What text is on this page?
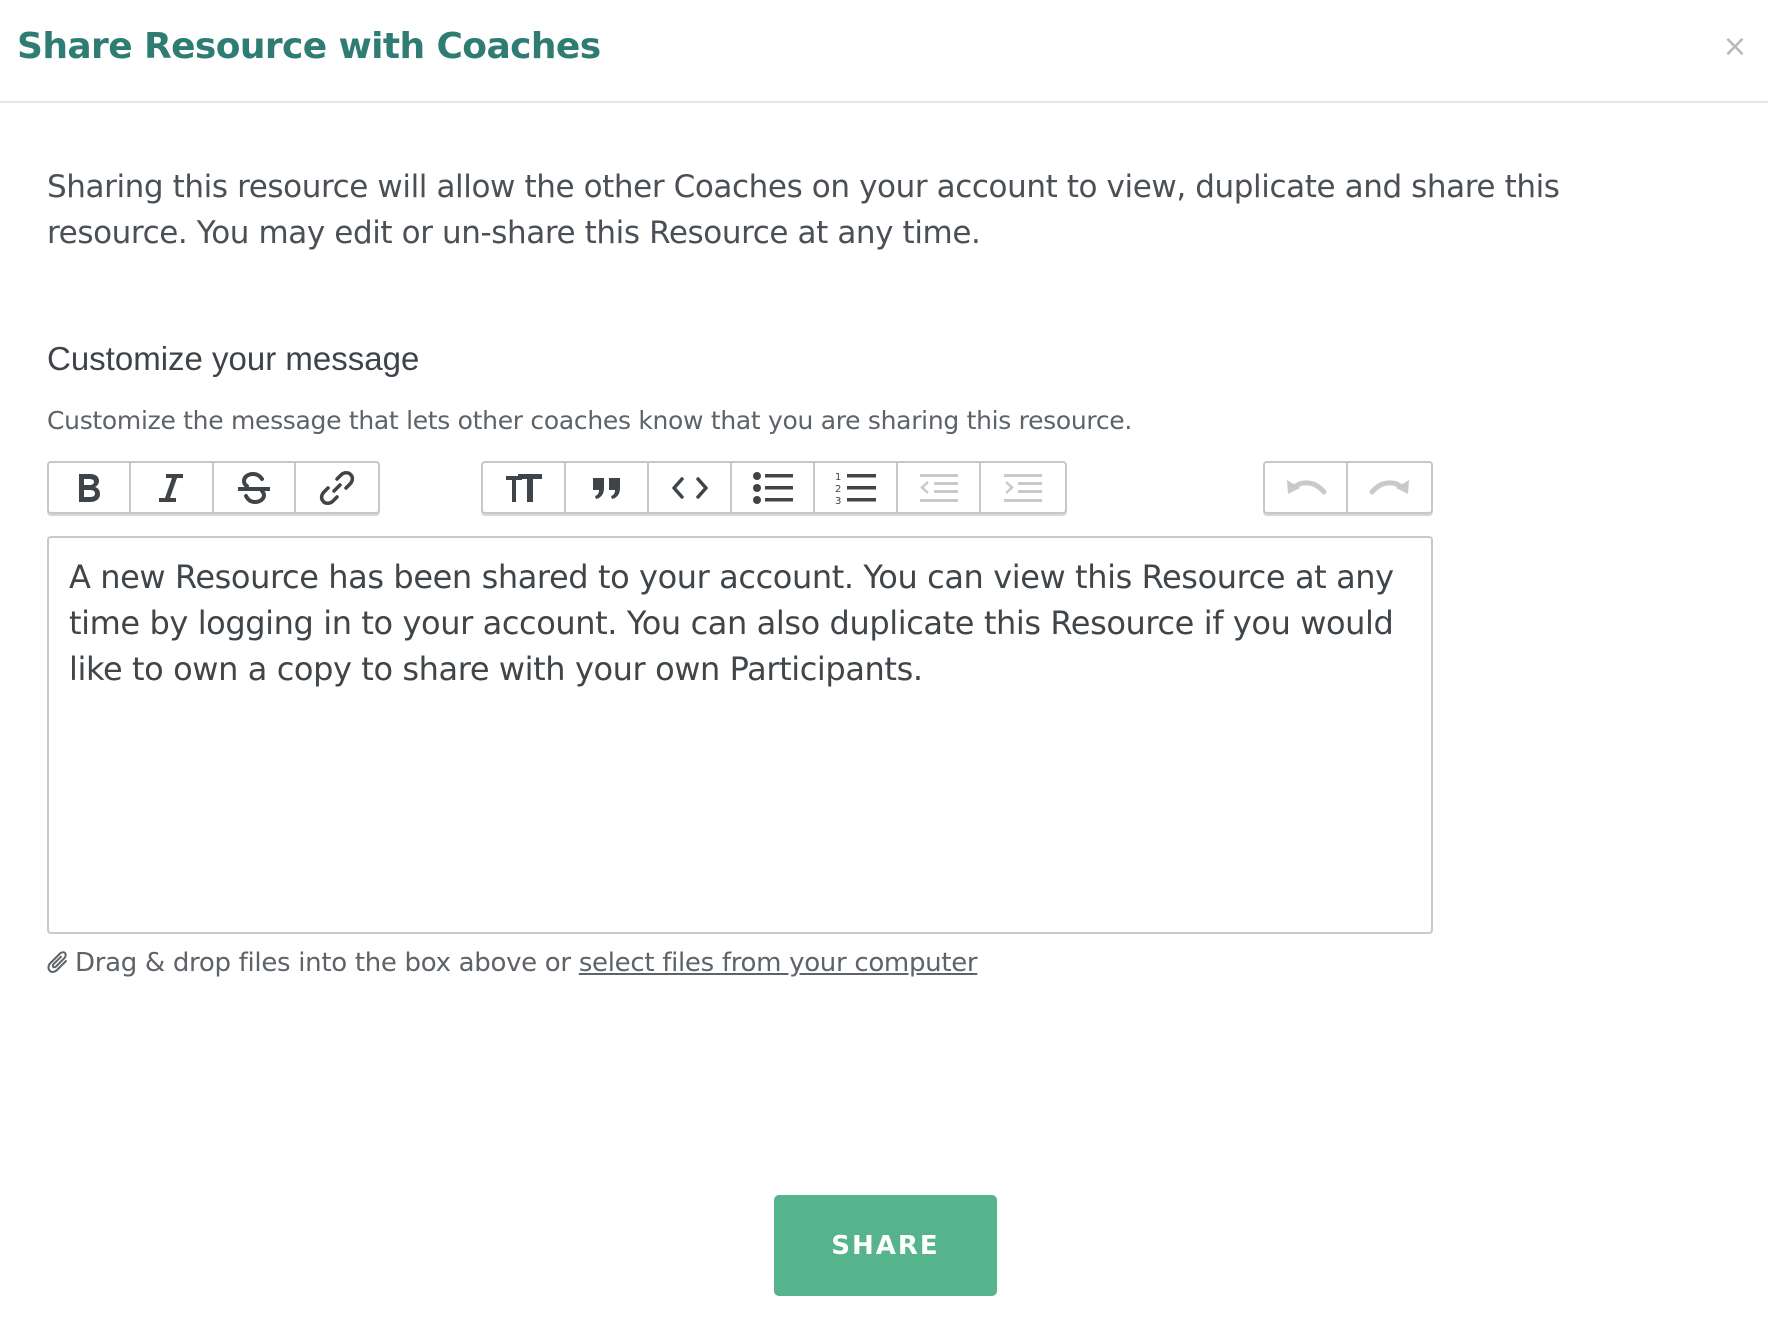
Share Resource with Coaches	×

Sharing this resource will allow the other Coaches on your account to view, duplicate and share this resource. You may edit or un-share this Resource at any time.

Customize your message

Customize the message that lets other coaches know that you are sharing this resource.

1
2
3
A new Resource has been shared to your account. You can view this Resource at any time by logging in to your account. You can also duplicate this Resource if you would like to own a copy to share with your own Participants.
Drag & drop files into the box above or select files from your computer
SHARE
